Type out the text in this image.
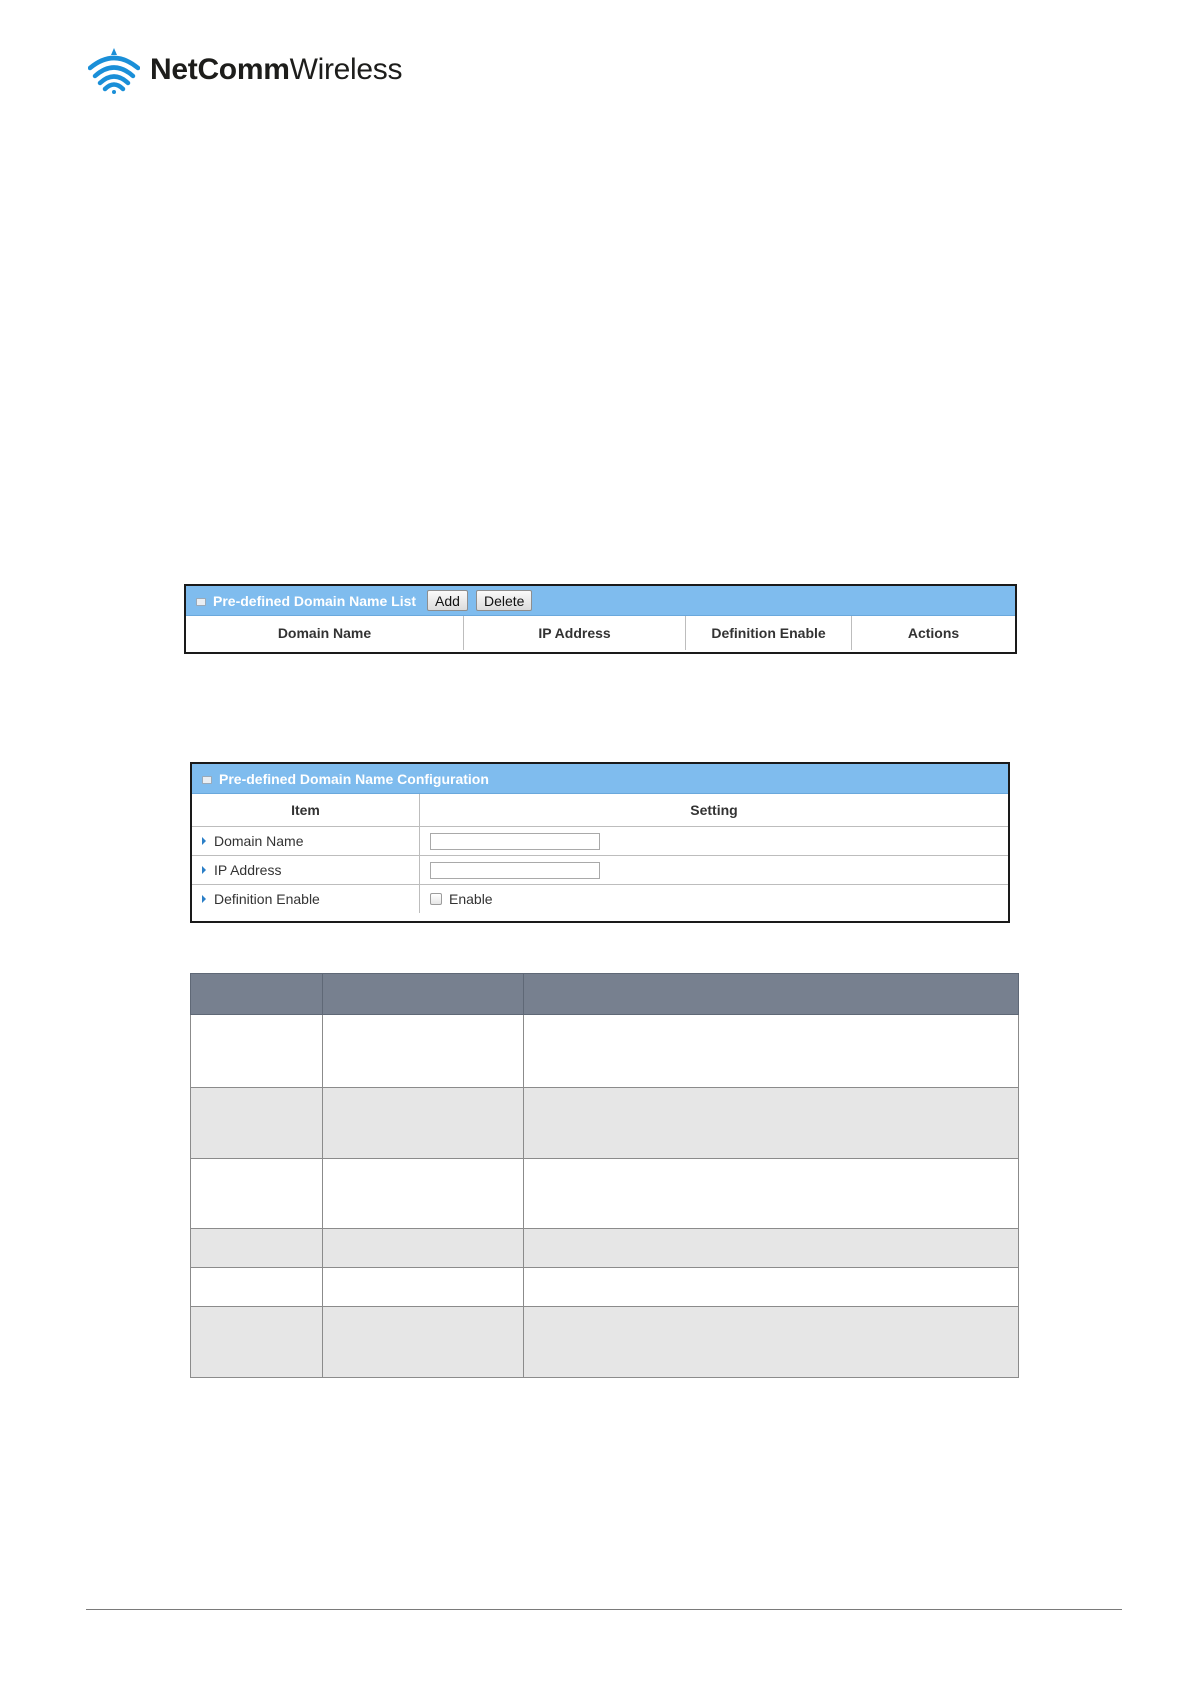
NetCommWireless
Pre-defined Domain Name List	Add	Delete
Domain Name	IP Address	Definition Enable	Actions
Pre-defined Domain Name Configuration
Item	Setting
Domain Name
IP Address
Definition Enable	Enable
